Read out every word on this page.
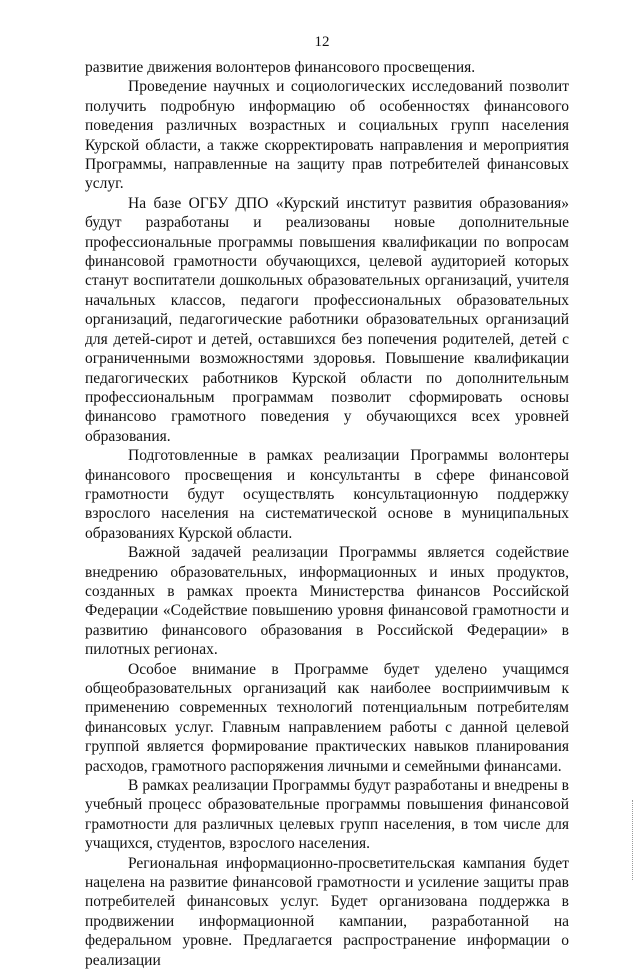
12

развитие движения волонтеров финансового просвещения.

Проведение научных и социологических исследований позволит получить подробную информацию об особенностях финансового поведения различных возрастных и социальных групп населения Курской области, а также скорректировать направления и мероприятия Программы, направленные на защиту прав потребителей финансовых услуг.

На базе ОГБУ ДПО «Курский институт развития образования» будут разработаны и реализованы новые дополнительные профессиональные программы повышения квалификации по вопросам финансовой грамотности обучающихся, целевой аудиторией которых станут воспитатели дошкольных образовательных организаций, учителя начальных классов, педагоги профессиональных образовательных организаций, педагогические работники образовательных организаций для детей-сирот и детей, оставшихся без попечения родителей, детей с ограниченными возможностями здоровья. Повышение квалификации педагогических работников Курской области по дополнительным профессиональным программам позволит сформировать основы финансово грамотного поведения у обучающихся всех уровней образования.

Подготовленные в рамках реализации Программы волонтеры финансового просвещения и консультанты в сфере финансовой грамотности будут осуществлять консультационную поддержку взрослого населения на систематической основе в муниципальных образованиях Курской области.

Важной задачей реализации Программы является содействие внедрению образовательных, информационных и иных продуктов, созданных в рамках проекта Министерства финансов Российской Федерации «Содействие повышению уровня финансовой грамотности и развитию финансового образования в Российской Федерации» в пилотных регионах.

Особое внимание в Программе будет уделено учащимся общеобразовательных организаций как наиболее восприимчивым к применению современных технологий потенциальным потребителям финансовых услуг. Главным направлением работы с данной целевой группой является формирование практических навыков планирования расходов, грамотного распоряжения личными и семейными финансами.

В рамках реализации Программы будут разработаны и внедрены в учебный процесс образовательные программы повышения финансовой грамотности для различных целевых групп населения, в том числе для учащихся, студентов, взрослого населения.

Региональная информационно-просветительская кампания будет нацелена на развитие финансовой грамотности и усиление защиты прав потребителей финансовых услуг. Будет организована поддержка в продвижении информационной кампании, разработанной на федеральном уровне. Предлагается распространение информации о реализации
